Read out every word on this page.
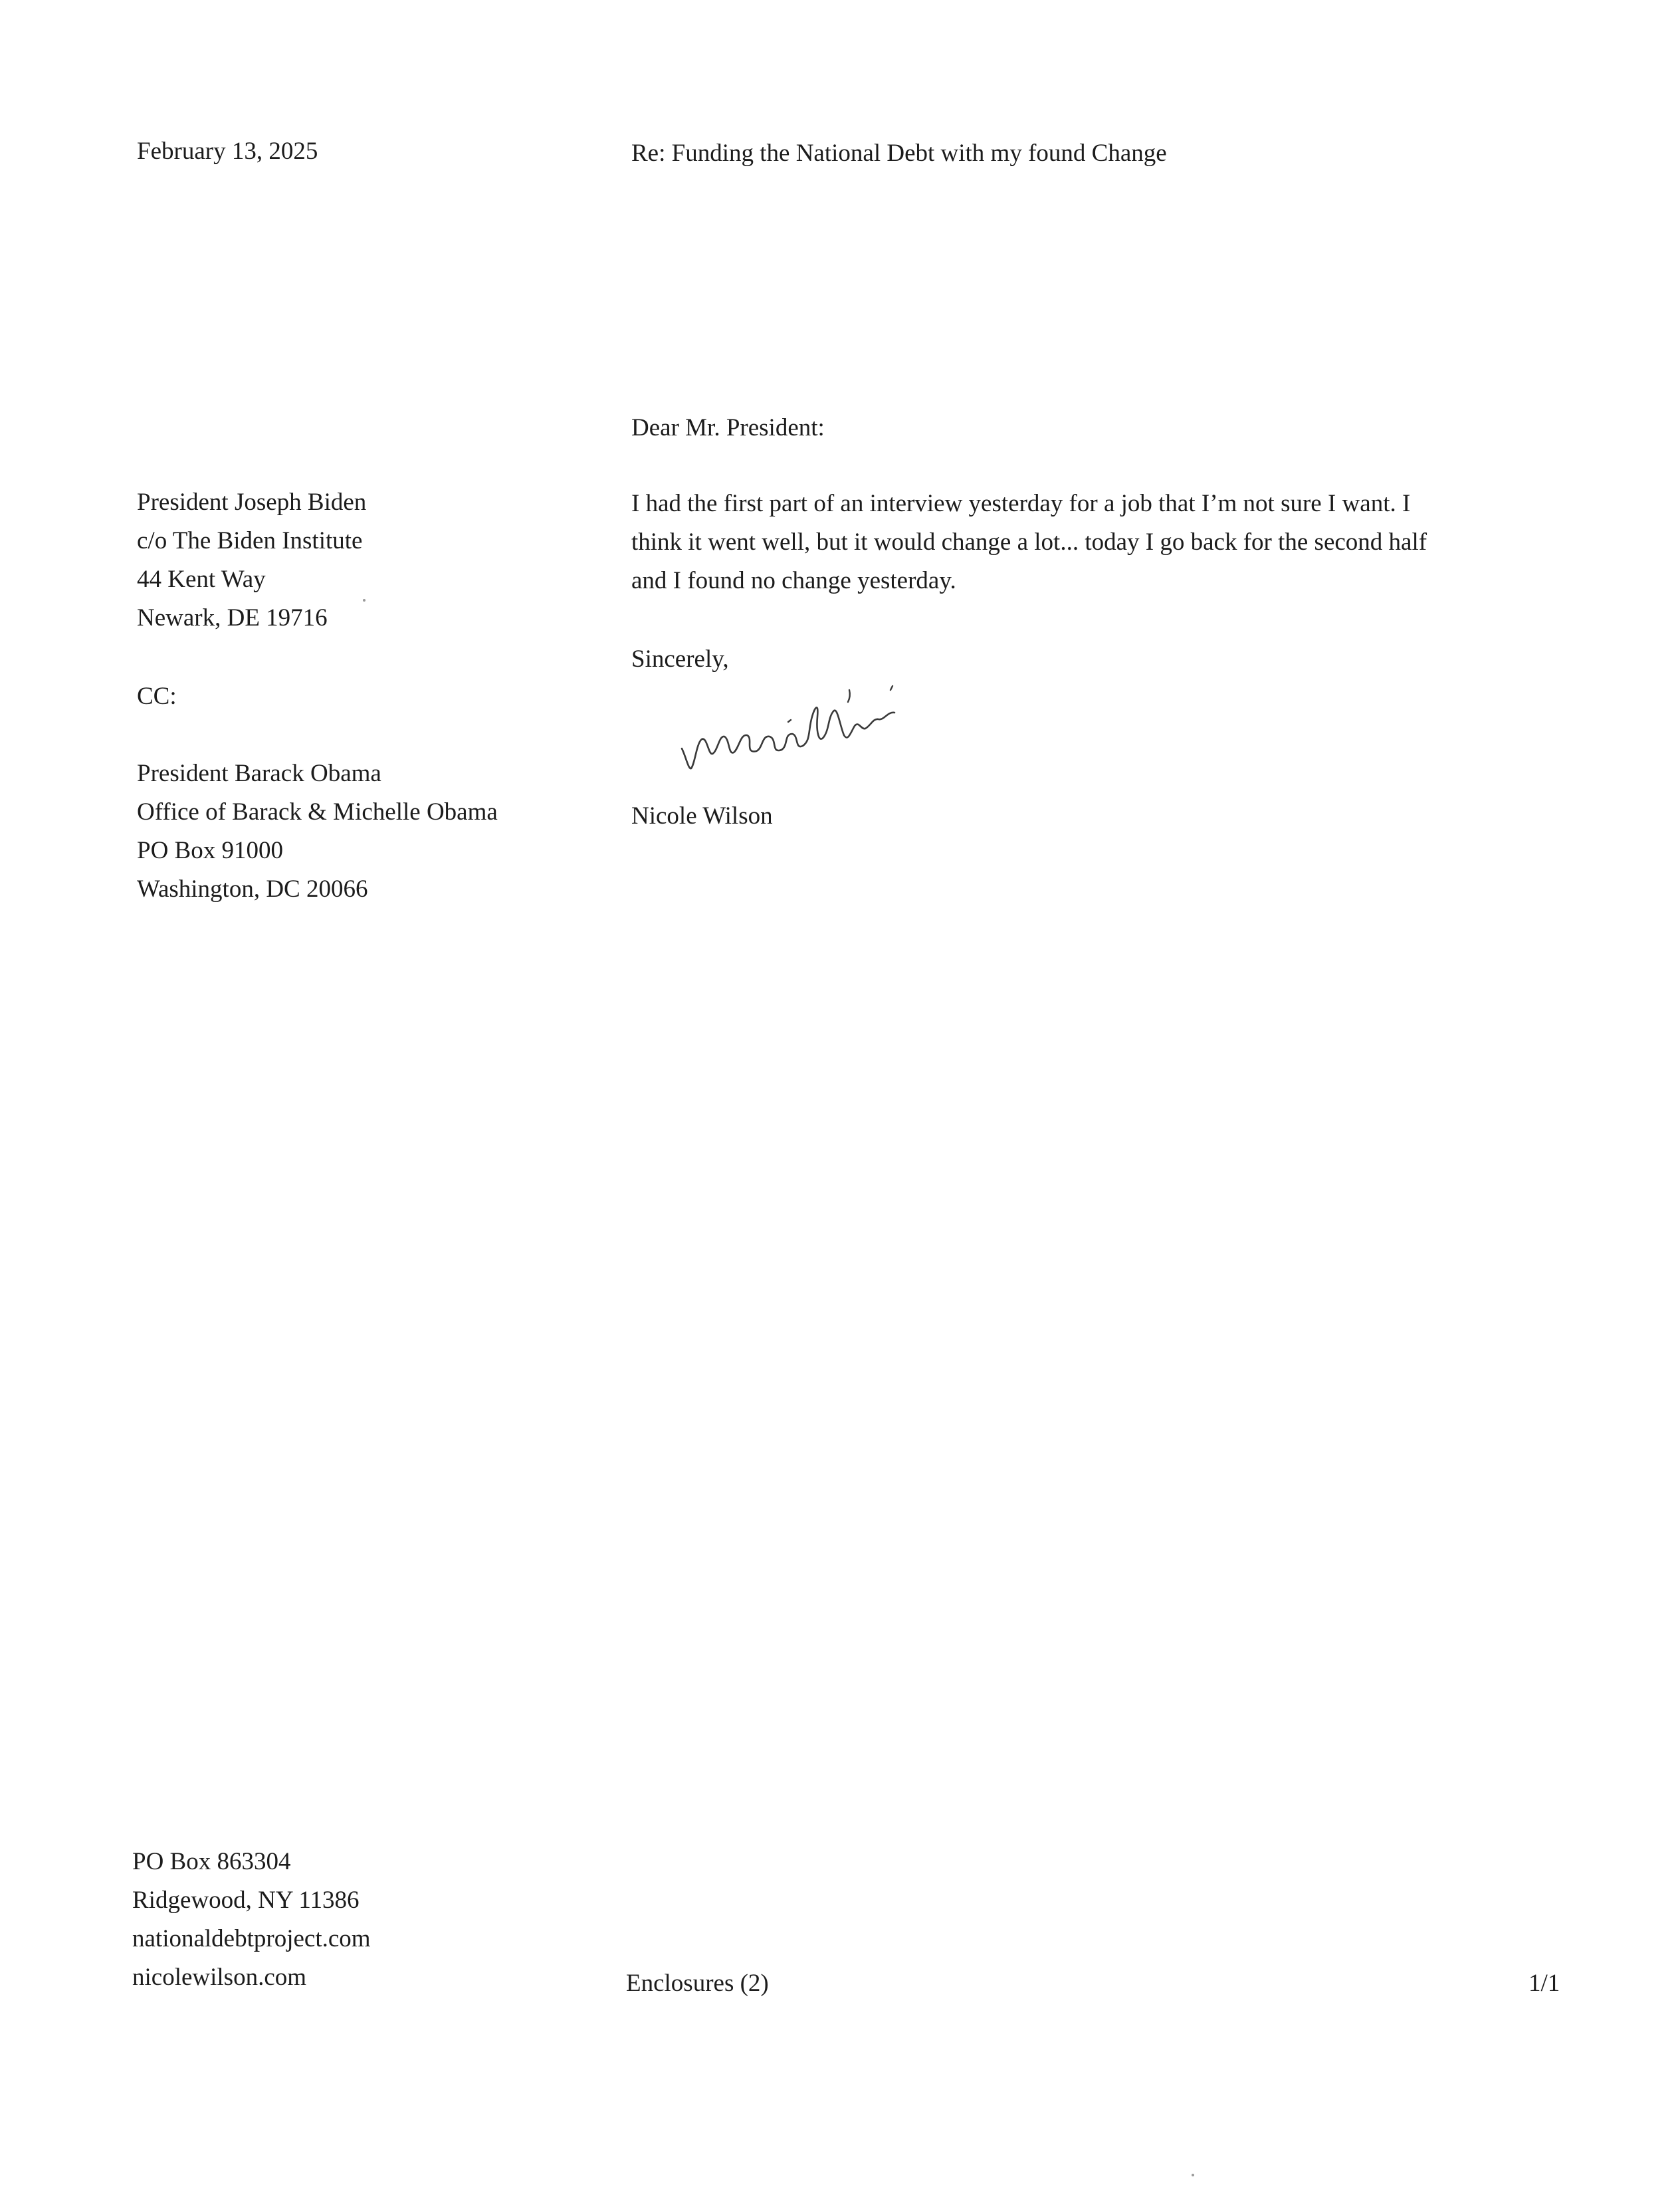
February 13, 2025	Re: Funding the National Debt with my found Change
Dear Mr. President:
President Joseph Biden
c/o The Biden Institute
44 Kent Way
Newark, DE 19716
CC:
President Barack Obama
Office of Barack & Michelle Obama
PO Box 91000
Washington, DC 20066
I had the first part of an interview yesterday for a job that I’m not sure I want. I
think it went well, but it would change a lot... today I go back for the second half
and I found no change yesterday.
Sincerely,
Nicole Wilson
PO Box 863304
Ridgewood, NY 11386
nationaldebtproject.com
nicolewilson.com	Enclosures (2)	1/1
